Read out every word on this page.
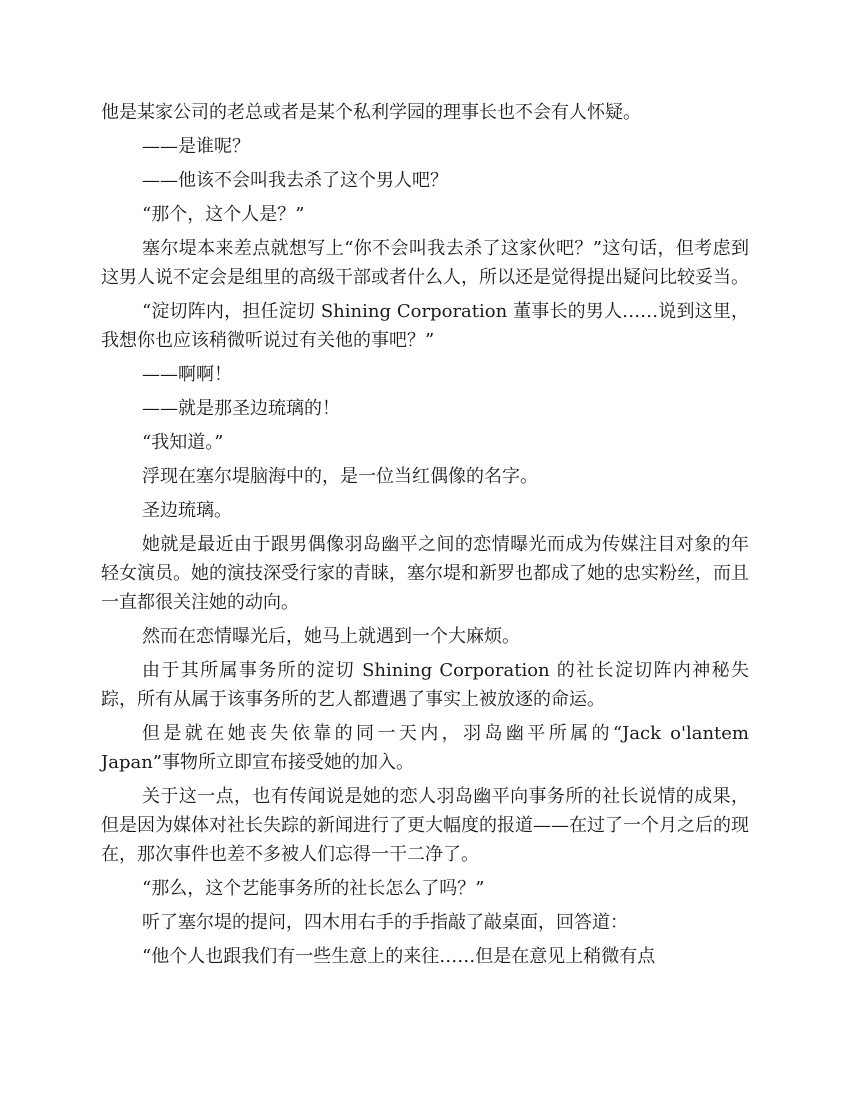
他是某家公司的老总或者是某个私利学园的理事长也不会有人怀疑。

——是谁呢？

——他该不会叫我去杀了这个男人吧？

“那个，这个人是？”

塞尔堤本来差点就想写上“你不会叫我去杀了这家伙吧？”这句话，但考虑到这男人说不定会是组里的高级干部或者什么人，所以还是觉得提出疑问比较妥当。

“淀切阵内，担任淀切 Shining Corporation 董事长的男人……说到这里，我想你也应该稍微听说过有关他的事吧？”

——啊啊！

——就是那圣边琉璃的！

“我知道。”

浮现在塞尔堤脑海中的，是一位当红偶像的名字。

圣边琉璃。

她就是最近由于跟男偶像羽岛幽平之间的恋情曝光而成为传媒注目对象的年轻女演员。她的演技深受行家的青睐，塞尔堤和新罗也都成了她的忠实粉丝，而且一直都很关注她的动向。

然而在恋情曝光后，她马上就遇到一个大麻烦。

由于其所属事务所的淀切 Shining Corporation 的社长淀切阵内神秘失踪，所有从属于该事务所的艺人都遭遇了事实上被放逐的命运。

但是就在她丧失依靠的同一天内，羽岛幽平所属的“Jack o'lantem Japan”事物所立即宣布接受她的加入。

关于这一点，也有传闻说是她的恋人羽岛幽平向事务所的社长说情的成果，但是因为媒体对社长失踪的新闻进行了更大幅度的报道——在过了一个月之后的现在，那次事件也差不多被人们忘得一干二净了。

“那么，这个艺能事务所的社长怎么了吗？”

听了塞尔堤的提问，四木用右手的手指敲了敲桌面，回答道：

“他个人也跟我们有一些生意上的来往……但是在意见上稍微有点
